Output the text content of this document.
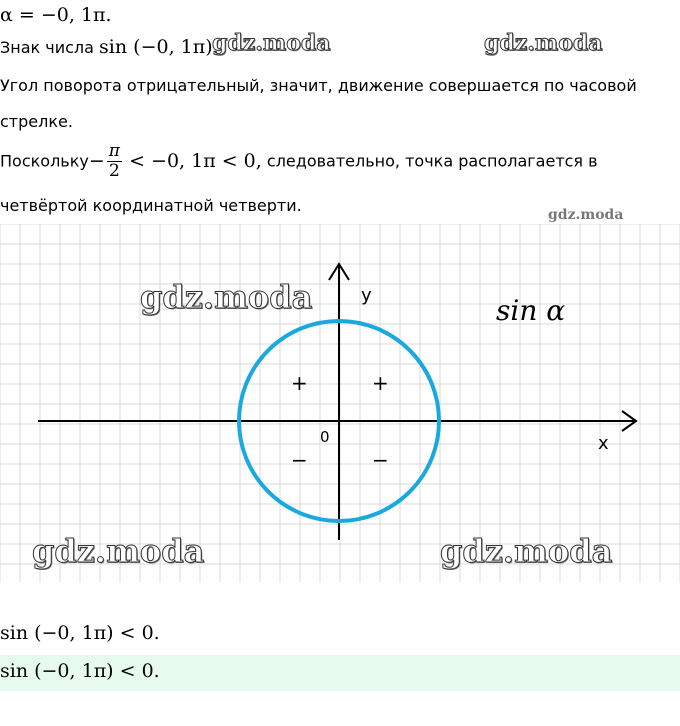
α = −0, 1π.
Знак числа sin (−0, 1π).
Угол поворота отрицательный, значит, движение совершается по часовой
стрелке.
Поскольку− $\frac{\pi}{2} < -0$, 1π < 0, следовательно, точка располагается в
четвёртой координатной четверти.
gdz.moda	gdz.moda
gdz.moda
y
x
0
sin α
+	+
−	−
gdz.moda
gdz.moda	gdz.moda
sin (−0, 1π) < 0.
sin (−0, 1π) < 0.
